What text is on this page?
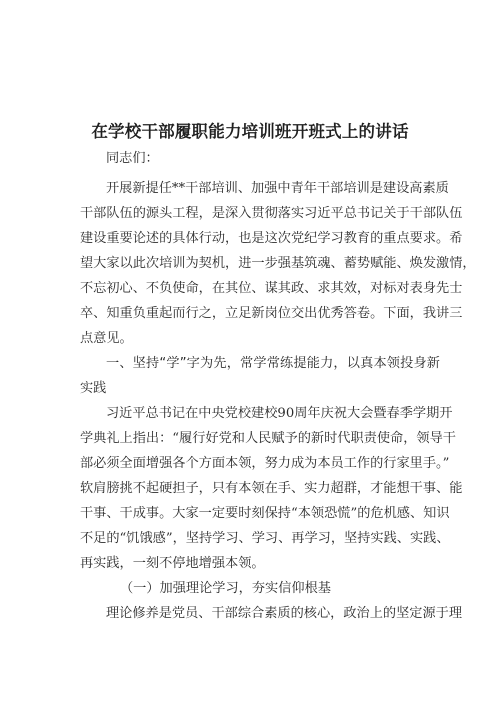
在学校干部履职能力培训班开班式上的讲话
同志们：
开展新提任**干部培训、加强中青年干部培训是建设高素质
干部队伍的源头工程，是深入贯彻落实习近平总书记关于干部队伍
建设重要论述的具体行动，也是这次党纪学习教育的重点要求。希
望大家以此次培训为契机，进一步强基筑魂、蓄势赋能、焕发激情，
不忘初心、不负使命，在其位、谋其政、求其效，对标对表身先士
卒、知重负重起而行之，立足新岗位交出优秀答卷。下面，我讲三
点意见。
一、坚持“学”字为先，常学常练提能力，以真本领投身新
实践
习近平总书记在中央党校建校90周年庆祝大会暨春季学期开
学典礼上指出：“履行好党和人民赋予的新时代职责使命，领导干
部必须全面增强各个方面本领，努力成为本员工作的行家里手。”
软肩膀挑不起硬担子，只有本领在手、实力超群，才能想干事、能
干事、干成事。大家一定要时刻保持“本领恐慌”的危机感、知识
不足的“饥饿感”，坚持学习、学习、再学习，坚持实践、实践、
再实践，一刻不停地增强本领。
（一）加强理论学习，夯实信仰根基
理论修养是党员、干部综合素质的核心，政治上的坚定源于理
